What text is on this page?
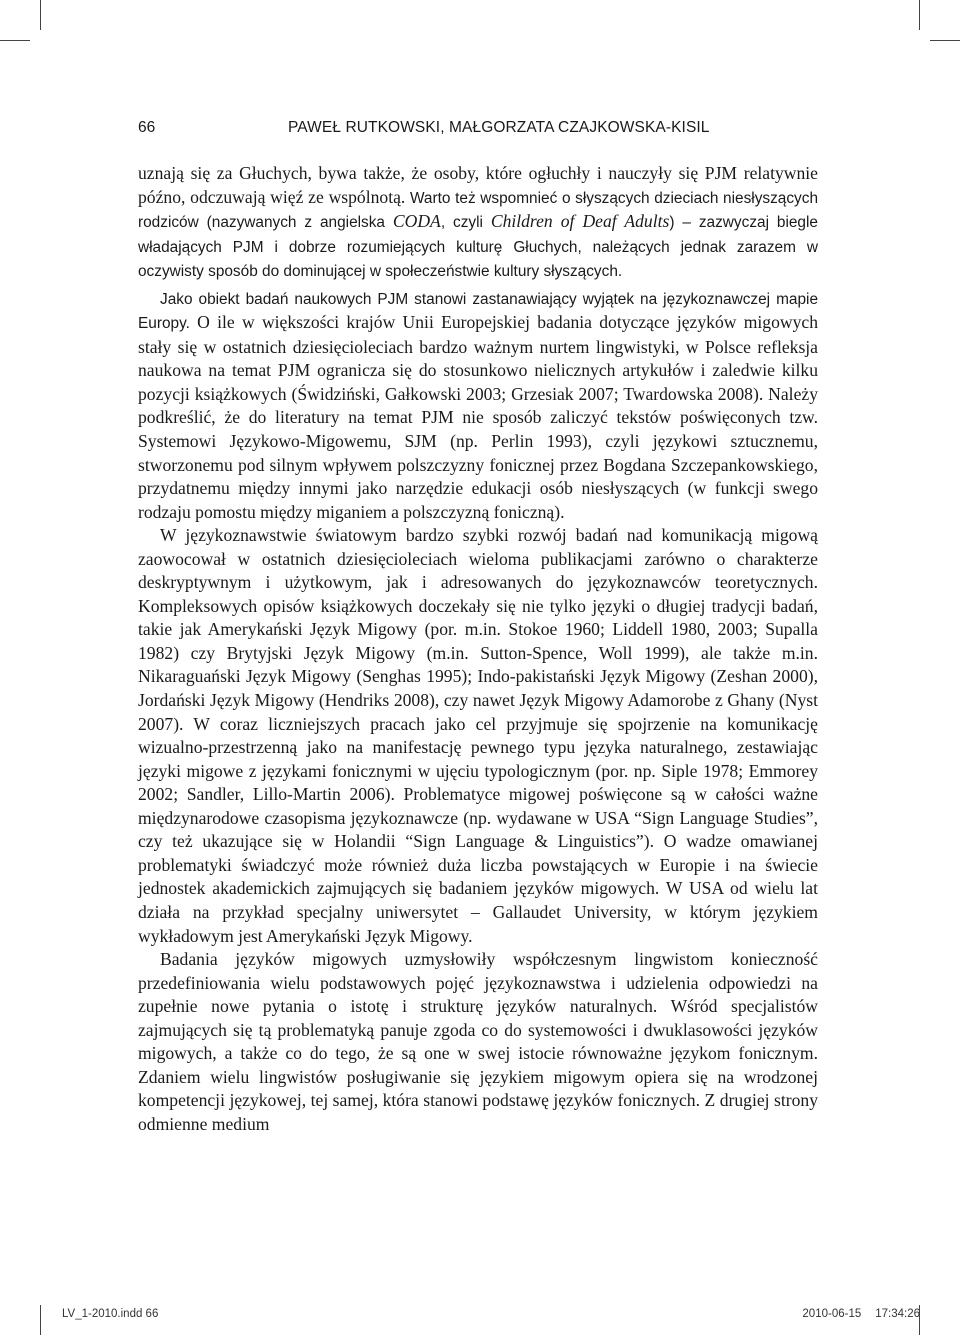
66	PAWEŁ RUTKOWSKI, MAŁGORZATA CZAJKOWSKA-KISIL

uznają się za Głuchych, bywa także, że osoby, które ogłuchły i nauczyły się PJM relatywnie późno, odczuwają więź ze wspólnotą. Warto też wspomnieć o słyszących dzieciach niesłyszących rodziców (nazywanych z angielska CODA, czyli Children of Deaf Adults) – zazwyczaj biegle władających PJM i dobrze rozumiejących kulturę Głuchych, należących jednak zarazem w oczywisty sposób do dominującej w społeczeństwie kultury słyszących.

Jako obiekt badań naukowych PJM stanowi zastanawiający wyjątek na językoznawczej mapie Europy. O ile w większości krajów Unii Europejskiej badania dotyczące języków migowych stały się w ostatnich dziesięcioleciach bardzo ważnym nurtem lingwistyki, w Polsce refleksja naukowa na temat PJM ogranicza się do stosunkowo nielicznych artykułów i zaledwie kilku pozycji książkowych (Świdziński, Gałkowski 2003; Grzesiak 2007; Twardowska 2008). Należy podkreślić, że do literatury na temat PJM nie sposób zaliczyć tekstów poświęconych tzw. Systemowi Językowo-Migowemu, SJM (np. Perlin 1993), czyli językowi sztucznemu, stworzonemu pod silnym wpływem polszczyzny fonicznej przez Bogdana Szczepankowskiego, przydatnemu między innymi jako narzędzie edukacji osób niesłyszących (w funkcji swego rodzaju pomostu między miganiem a polszczyzną foniczną).

W językoznawstwie światowym bardzo szybki rozwój badań nad komunikacją migową zaowocował w ostatnich dziesięcioleciach wieloma publikacjami zarówno o charakterze deskryptywnym i użytkowym, jak i adresowanych do językoznawców teoretycznych. Kompleksowych opisów książkowych doczekały się nie tylko języki o długiej tradycji badań, takie jak Amerykański Język Migowy (por. m.in. Stokoe 1960; Liddell 1980, 2003; Supalla 1982) czy Brytyjski Język Migowy (m.in. Sutton-Spence, Woll 1999), ale także m.in. Nikaraguański Język Migowy (Senghas 1995); Indo-pakistański Język Migowy (Zeshan 2000), Jordański Język Migowy (Hendriks 2008), czy nawet Język Migowy Adamorobe z Ghany (Nyst 2007). W coraz liczniejszych pracach jako cel przyjmuje się spojrzenie na komunikację wizualno-przestrzenną jako na manifestację pewnego typu języka naturalnego, zestawiając języki migowe z językami fonicznymi w ujęciu typologicznym (por. np. Siple 1978; Emmorey 2002; Sandler, Lillo-Martin 2006). Problematyce migowej poświęcone są w całości ważne międzynarodowe czasopisma językoznawcze (np. wydawane w USA “Sign Language Studies”, czy też ukazujące się w Holandii “Sign Language & Linguistics”). O wadze omawianej problematyki świadczyć może również duża liczba powstających w Europie i na świecie jednostek akademickich zajmujących się badaniem języków migowych. W USA od wielu lat działa na przykład specjalny uniwersytet – Gallaudet University, w którym językiem wykładowym jest Amerykański Język Migowy.

Badania języków migowych uzmysłowiły współczesnym lingwistom konieczność przedefiniowania wielu podstawowych pojęć językoznawstwa i udzielenia odpowiedzi na zupełnie nowe pytania o istotę i strukturę języków naturalnych. Wśród specjalistów zajmujących się tą problematyką panuje zgoda co do systemowości i dwuklasowości języków migowych, a także co do tego, że są one w swej istocie równoważne językom fonicznym. Zdaniem wielu lingwistów posługiwanie się językiem migowym opiera się na wrodzonej kompetencji językowej, tej samej, która stanowi podstawę języków fonicznych. Z drugiej strony odmienne medium

LV_1-2010.indd 66	2010-06-15 17:34:26
